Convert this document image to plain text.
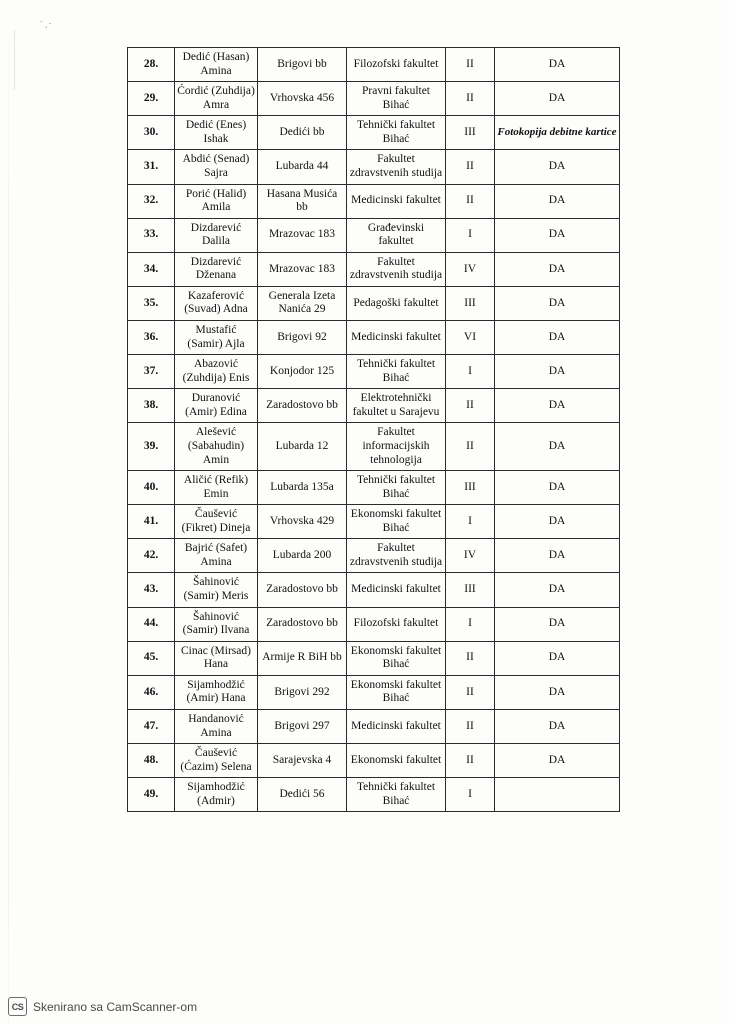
˙.·
28.	Dedić (Hasan) Amina	Brigovi bb	Filozofski fakultet	II	DA
29.	Ćordić (Zuhdija) Amra	Vrhovska 456	Pravni fakultet Bihać	II	DA
30.	Dedić (Enes) Ishak	Dedići bb	Tehnički fakultet Bihać	III	Fotokopija debitne kartice
31.	Abdić (Senad) Sajra	Lubarda 44	Fakultet zdravstvenih studija	II	DA
32.	Porić (Halid) Amila	Hasana Musića bb	Medicinski fakultet	II	DA
33.	Dizdarević Dalila	Mrazovac 183	Građevinski fakultet	I	DA
34.	Dizdarević Dženana	Mrazovac 183	Fakultet zdravstvenih studija	IV	DA
35.	Kazaferović (Suvad) Adna	Generala Izeta Nanića 29	Pedagoški fakultet	III	DA
36.	Mustafić (Samir) Ajla	Brigovi 92	Medicinski fakultet	VI	DA
37.	Abazović (Zuhdija) Enis	Konjodor 125	Tehnički fakultet Bihać	I	DA
38.	Duranović (Amir) Edina	Zaradostovo bb	Elektrotehnički fakultet u Sarajevu	II	DA
39.	Alešević (Sabahudin) Amin	Lubarda 12	Fakultet informacijskih tehnologija	II	DA
40.	Aličić (Refik) Emin	Lubarda 135a	Tehnički fakultet Bihać	III	DA
41.	Čaušević (Fikret) Dineja	Vrhovska 429	Ekonomski fakultet Bihać	I	DA
42.	Bajrić (Safet) Amina	Lubarda 200	Fakultet zdravstvenih studija	IV	DA
43.	Šahinović (Samir) Meris	Zaradostovo bb	Medicinski fakultet	III	DA
44.	Šahinović (Samir) Ilvana	Zaradostovo bb	Filozofski fakultet	I	DA
45.	Cinac (Mirsad) Hana	Armije R BiH bb	Ekonomski fakultet Bihać	II	DA
46.	Sijamhodžić (Amir) Hana	Brigovi 292	Ekonomski fakultet Bihać	II	DA
47.	Handanović Amina	Brigovi 297	Medicinski fakultet	II	DA
48.	Čaušević (Ćazim) Selena	Sarajevska 4	Ekonomski fakultet	II	DA
49.	Sijamhodžić (Admir)	Dedići 56	Tehnički fakultet Bihać	I	
CS Skenirano sa CamScanner-om
